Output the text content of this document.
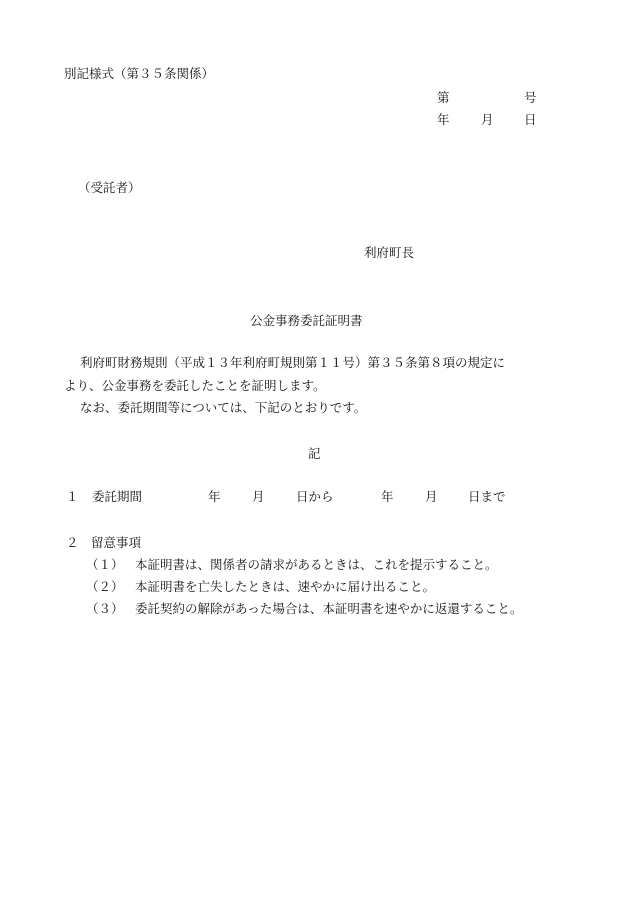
別記様式（第３５条関係）
第	号
年	月 日
（受託者）
利府町長
公金事務委託証明書
利府町財務規則（平成１３年利府町規則第１１号）第３５条第８項の規定に
より、公金事務を委託したことを証明します。
なお、委託期間等については、下記のとおりです。
記
１ 委託期間	年	月	日から	年	月 日まで
２　留意事項
（１） 本証明書は、関係者の請求があるときは、これを提示すること。
（２） 本証明書を亡失したときは、速やかに届け出ること。
（３） 委託契約の解除があった場合は、本証明書を速やかに返還すること。
